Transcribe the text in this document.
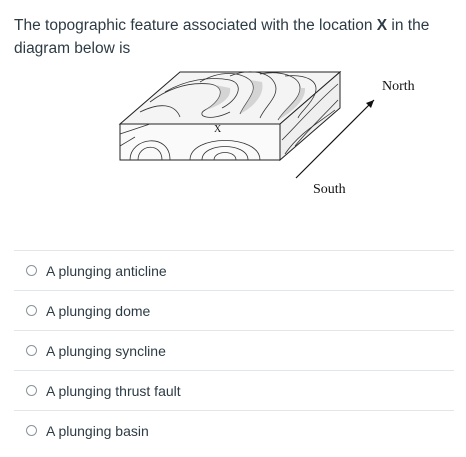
The topographic feature associated with the location X in the diagram below is
X
North
South
A plunging anticline
A plunging dome
A plunging syncline
A plunging thrust fault
A plunging basin
